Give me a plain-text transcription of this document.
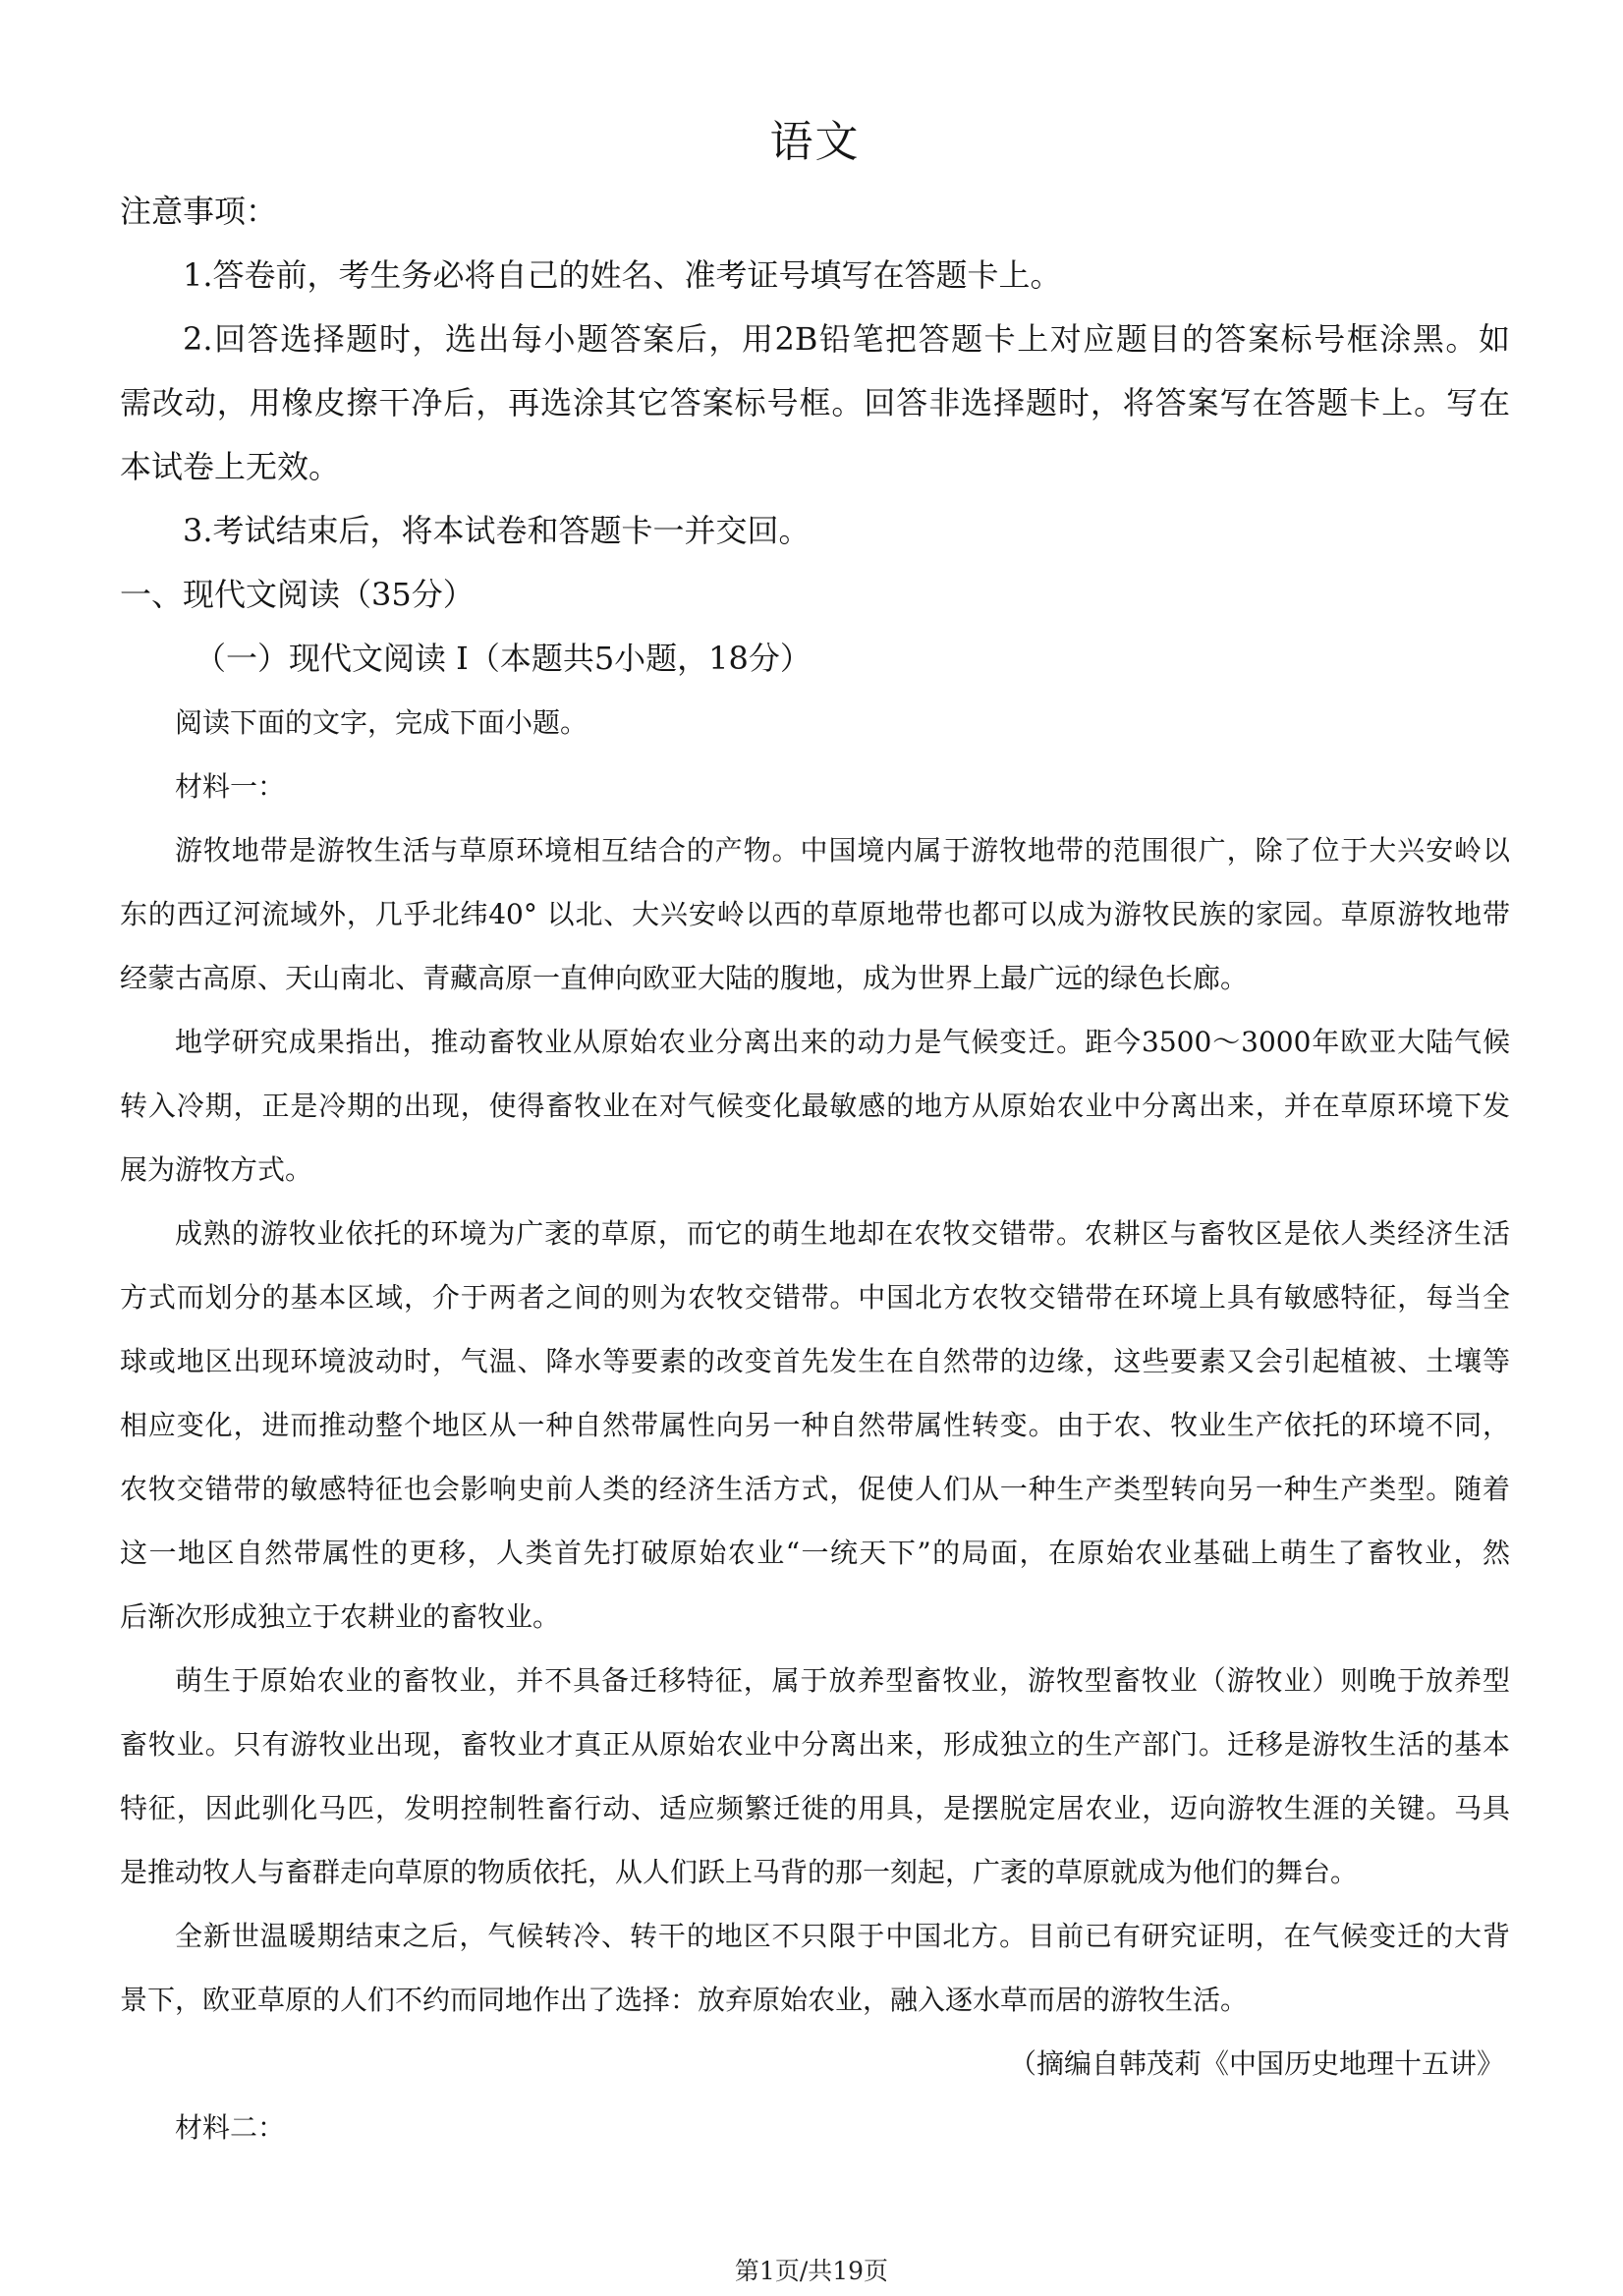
语文
注意事项：
1.答卷前，考生务必将自己的姓名、准考证号填写在答题卡上。
2.回答选择题时，选出每小题答案后，用2B铅笔把答题卡上对应题目的答案标号框涂黑。如
需改动，用橡皮擦干净后，再选涂其它答案标号框。回答非选择题时，将答案写在答题卡上。写在
本试卷上无效。
3.考试结束后，将本试卷和答题卡一并交回。
一、现代文阅读（35分）
（一）现代文阅读 I（本题共5小题，18分）
阅读下面的文字，完成下面小题。
材料一：
游牧地带是游牧生活与草原环境相互结合的产物。中国境内属于游牧地带的范围很广，除了位于大兴安岭以
东的西辽河流域外，几乎北纬40° 以北、大兴安岭以西的草原地带也都可以成为游牧民族的家园。草原游牧地带
经蒙古高原、天山南北、青藏高原一直伸向欧亚大陆的腹地，成为世界上最广远的绿色长廊。
地学研究成果指出，推动畜牧业从原始农业分离出来的动力是气候变迁。距今3500～3000年欧亚大陆气候
转入冷期，正是冷期的出现，使得畜牧业在对气候变化最敏感的地方从原始农业中分离出来，并在草原环境下发
展为游牧方式。
成熟的游牧业依托的环境为广袤的草原，而它的萌生地却在农牧交错带。农耕区与畜牧区是依人类经济生活
方式而划分的基本区域，介于两者之间的则为农牧交错带。中国北方农牧交错带在环境上具有敏感特征，每当全
球或地区出现环境波动时，气温、降水等要素的改变首先发生在自然带的边缘，这些要素又会引起植被、土壤等
相应变化，进而推动整个地区从一种自然带属性向另一种自然带属性转变。由于农、牧业生产依托的环境不同，
农牧交错带的敏感特征也会影响史前人类的经济生活方式，促使人们从一种生产类型转向另一种生产类型。随着
这一地区自然带属性的更移，人类首先打破原始农业“一统天下”的局面，在原始农业基础上萌生了畜牧业，然
后渐次形成独立于农耕业的畜牧业。
萌生于原始农业的畜牧业，并不具备迁移特征，属于放养型畜牧业，游牧型畜牧业（游牧业）则晚于放养型
畜牧业。只有游牧业出现，畜牧业才真正从原始农业中分离出来，形成独立的生产部门。迁移是游牧生活的基本
特征，因此驯化马匹，发明控制牲畜行动、适应频繁迁徙的用具，是摆脱定居农业，迈向游牧生涯的关键。马具
是推动牧人与畜群走向草原的物质依托，从人们跃上马背的那一刻起，广袤的草原就成为他们的舞台。
全新世温暖期结束之后，气候转冷、转干的地区不只限于中国北方。目前已有研究证明，在气候变迁的大背
景下，欧亚草原的人们不约而同地作出了选择：放弃原始农业，融入逐水草而居的游牧生活。
（摘编自韩茂莉《中国历史地理十五讲》
材料二：
第1页/共19页
